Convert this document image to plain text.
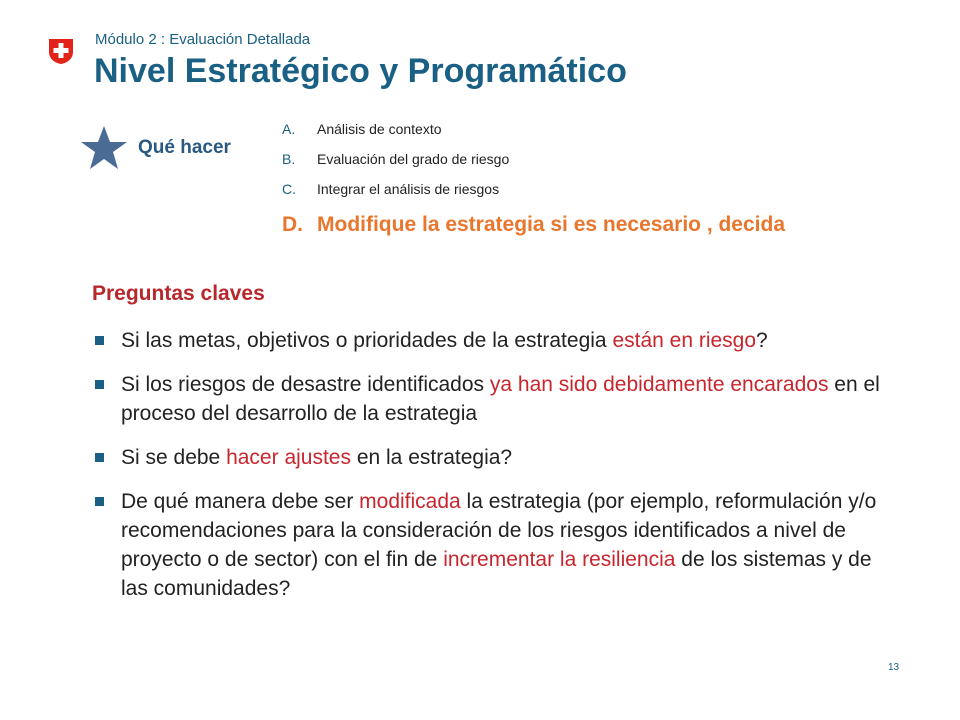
Módulo 2 : Evaluación Detallada
Nivel Estratégico y Programático
Qué hacer
A. Análisis de contexto
B. Evaluación del grado de riesgo
C. Integrar el análisis de riesgos
D. Modifique la estrategia si es necesario , decida
Preguntas claves
Si las metas, objetivos o prioridades de la estrategia están en riesgo?
Si los riesgos de desastre identificados ya han sido debidamente encarados en el proceso del desarrollo de la estrategia
Si se debe hacer ajustes en la estrategia?
De qué manera debe ser modificada la estrategia (por ejemplo, reformulación y/o recomendaciones para la consideración de los riesgos identificados a nivel de proyecto o de sector) con el fin de incrementar la resiliencia de los sistemas y de las comunidades?
13
